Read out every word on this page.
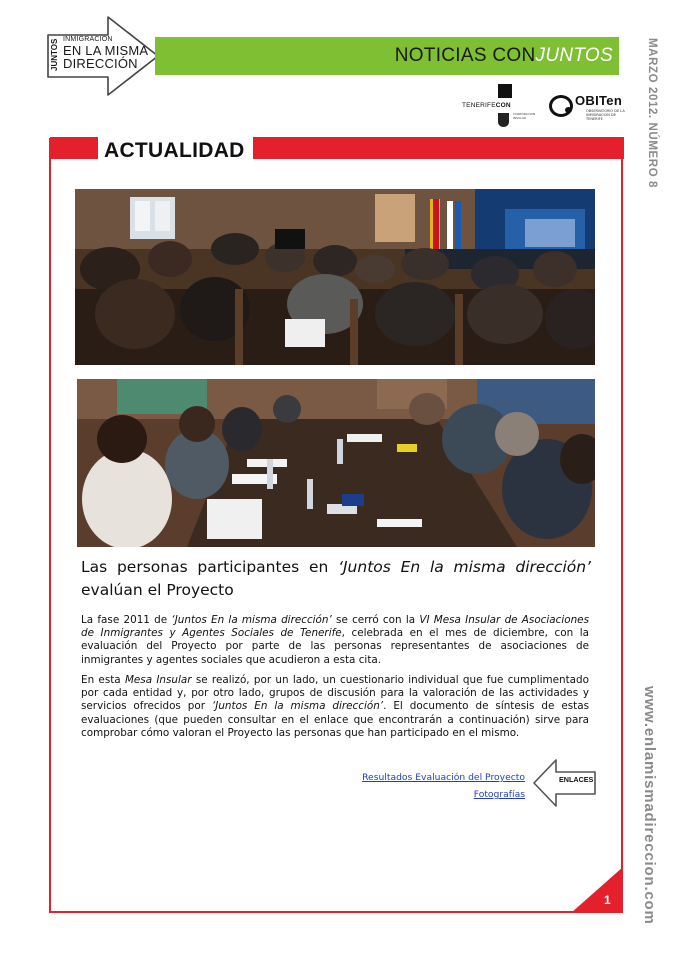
JUNTOS INMIGRACIÓN
EN LA MISMA
DIRECCIÓN	NOTICIAS CONJUNTOS	MARZO 2012. NÚMERO 8
www.enlamismadireccion.com
TENERIFECON
CORPORACIÓN INSULAR
OBITen
OBSERVATORIO DE LA INMIGRACIÓN DE TENERIFE
ACTUALIDAD
Las personas participantes en ‘Juntos En la misma dirección’ evalúan el Proyecto

La fase 2011 de ‘Juntos En la misma dirección’ se cerró con la VI Mesa Insular de Asociaciones de Inmigrantes y Agentes Sociales de Tenerife, celebrada en el mes de diciembre, con la evaluación del Proyecto por parte de las personas representantes de asociaciones de inmigrantes y agentes sociales que acudieron a esta cita.

En esta Mesa Insular se realizó, por un lado, un cuestionario individual que fue cumplimentado por cada entidad y, por otro lado, grupos de discusión para la valoración de las actividades y servicios ofrecidos por ‘Juntos En la misma dirección’. El documento de síntesis de estas evaluaciones (que pueden consultar en el enlace que encontrarán a continuación) sirve para comprobar cómo valoran el Proyecto las personas que han participado en el mismo.

Resultados Evaluación del Proyecto
Fotografías
ENLACES
1
